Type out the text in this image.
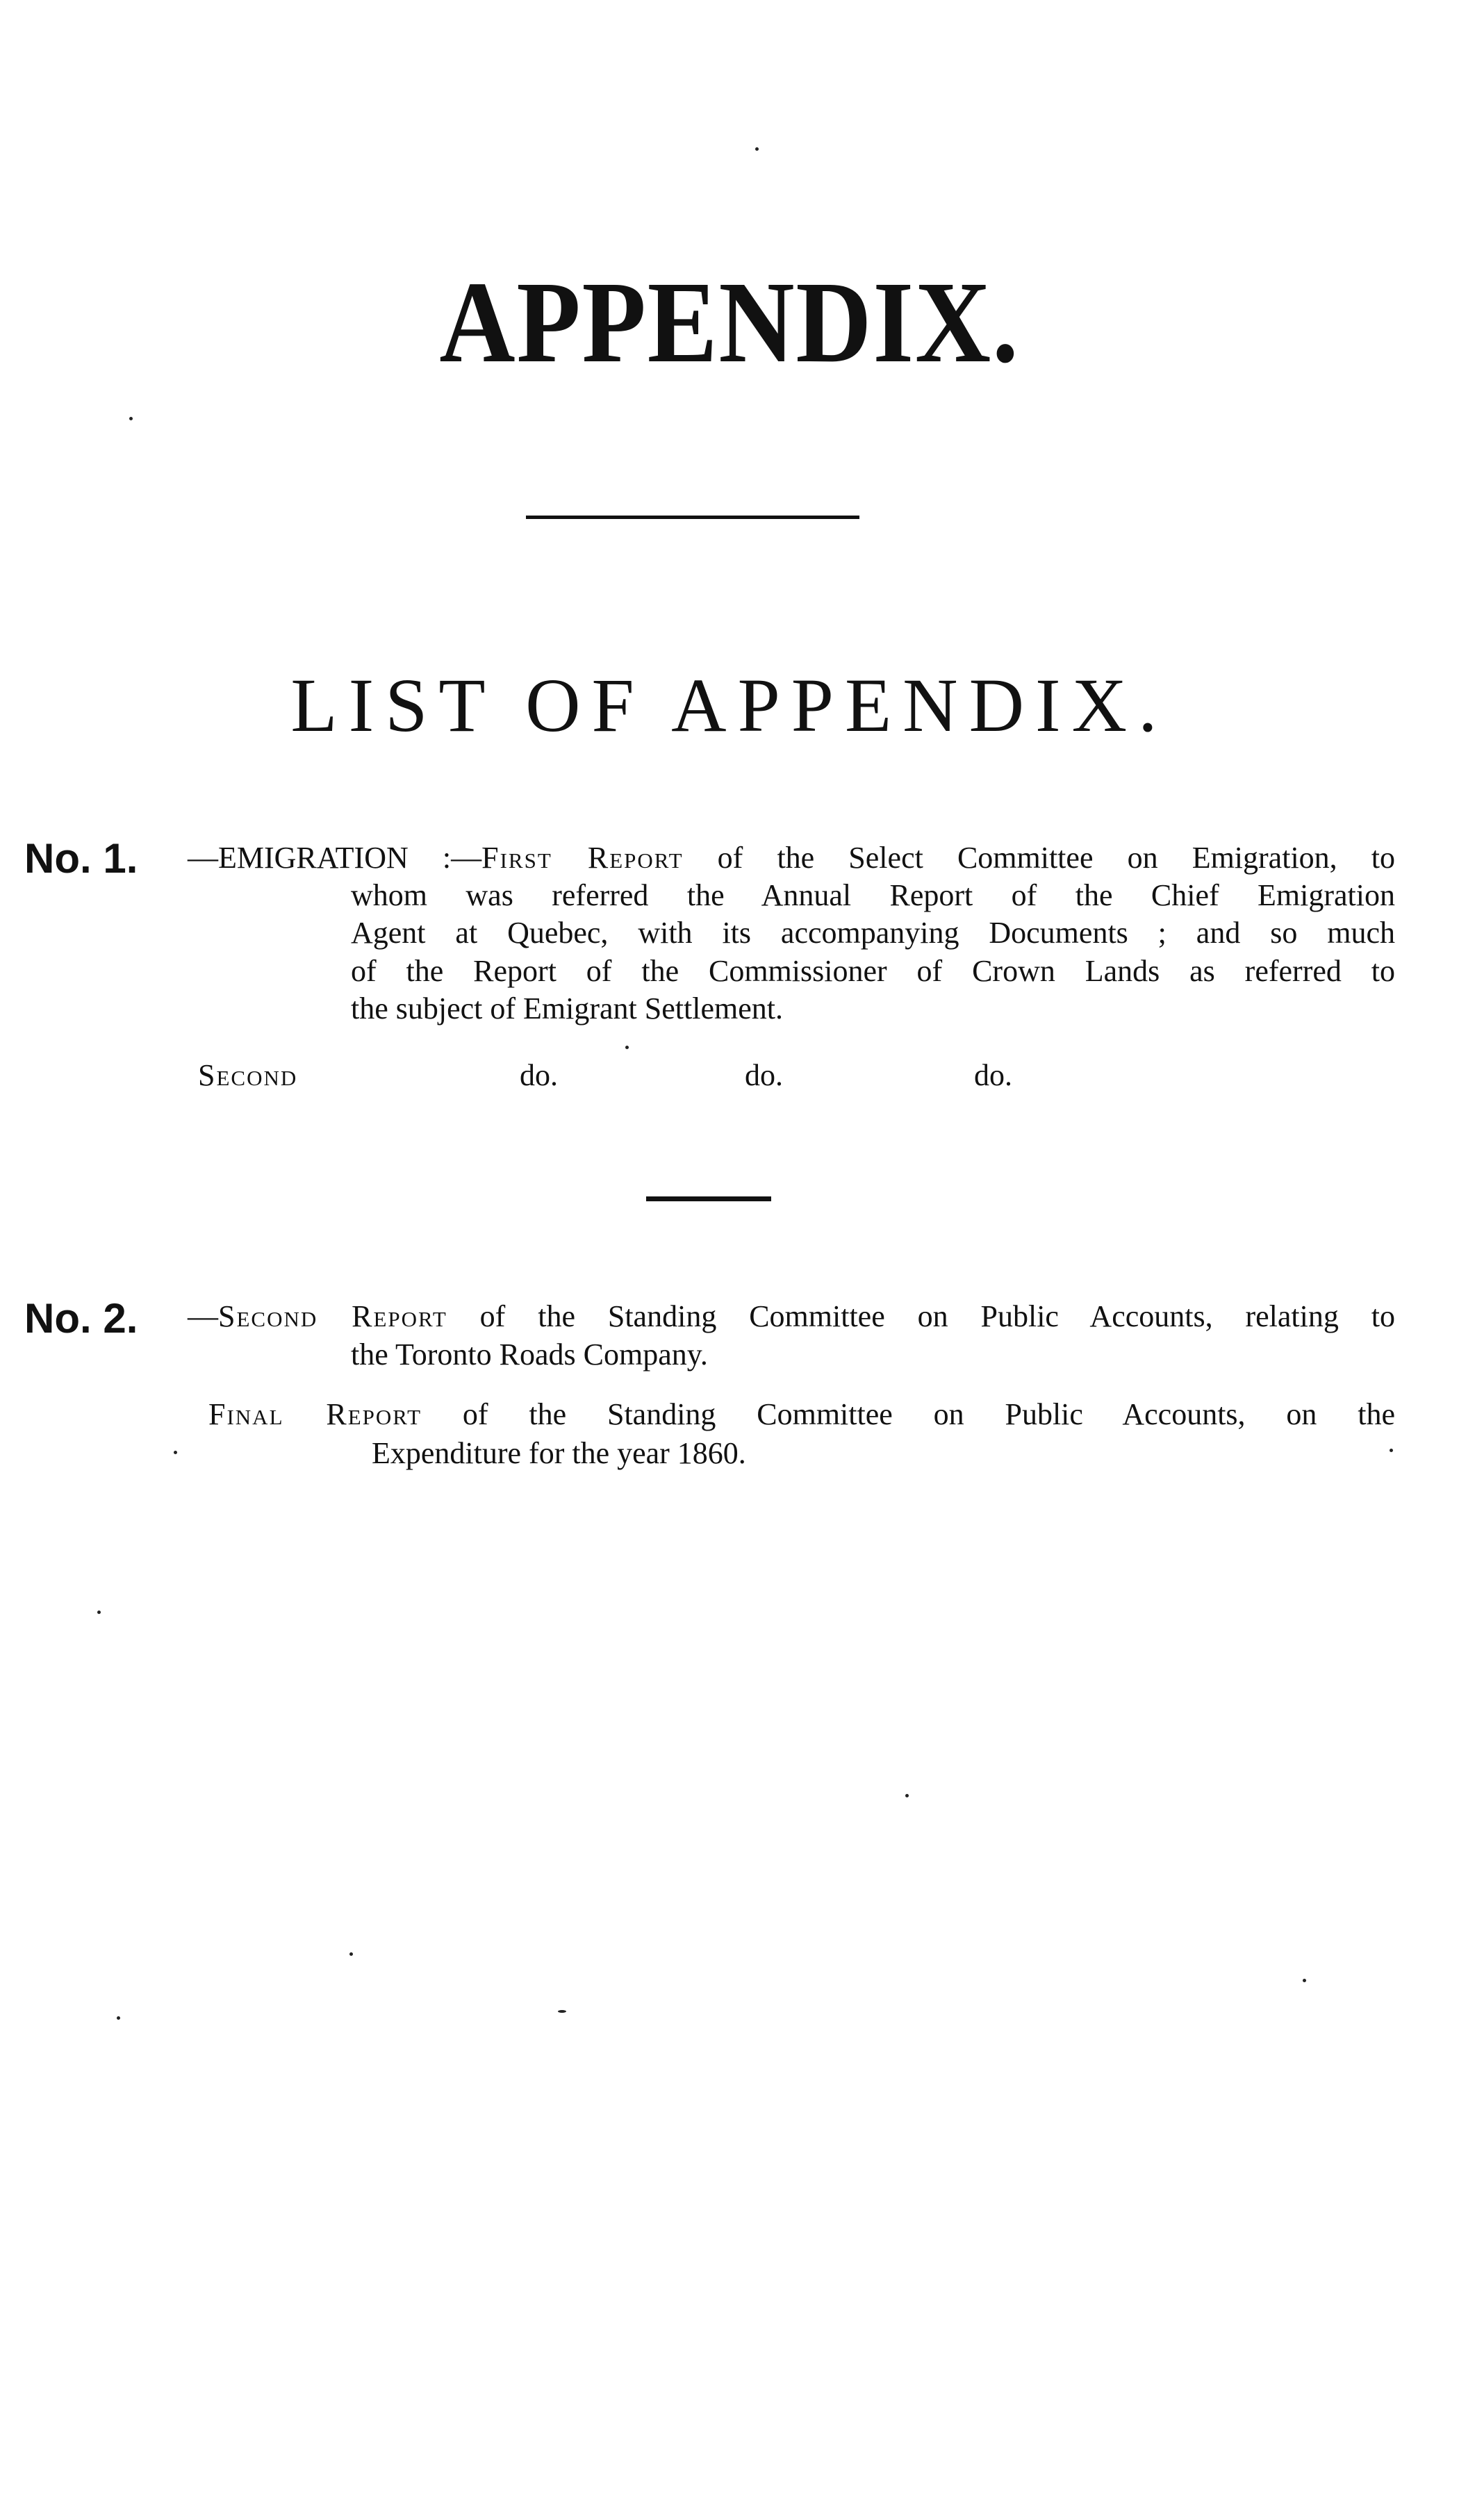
APPENDIX.
LIST OF APPENDIX.
No. 1. —EMIGRATION :—First Report of the Select Committee on Emigration, to
whom was referred the Annual Report of the Chief Emigration
Agent at Quebec, with its accompanying Documents ; and so much
of the Report of the Commissioner of Crown Lands as referred to
the subject of Emigrant Settlement.
Second	do.	do.	do.
No. 2. —Second Report of the Standing Committee on Public Accounts, relating to
the Toronto Roads Company.
Final Report of the Standing Committee on Public Accounts, on the
Expenditure for the year 1860.
